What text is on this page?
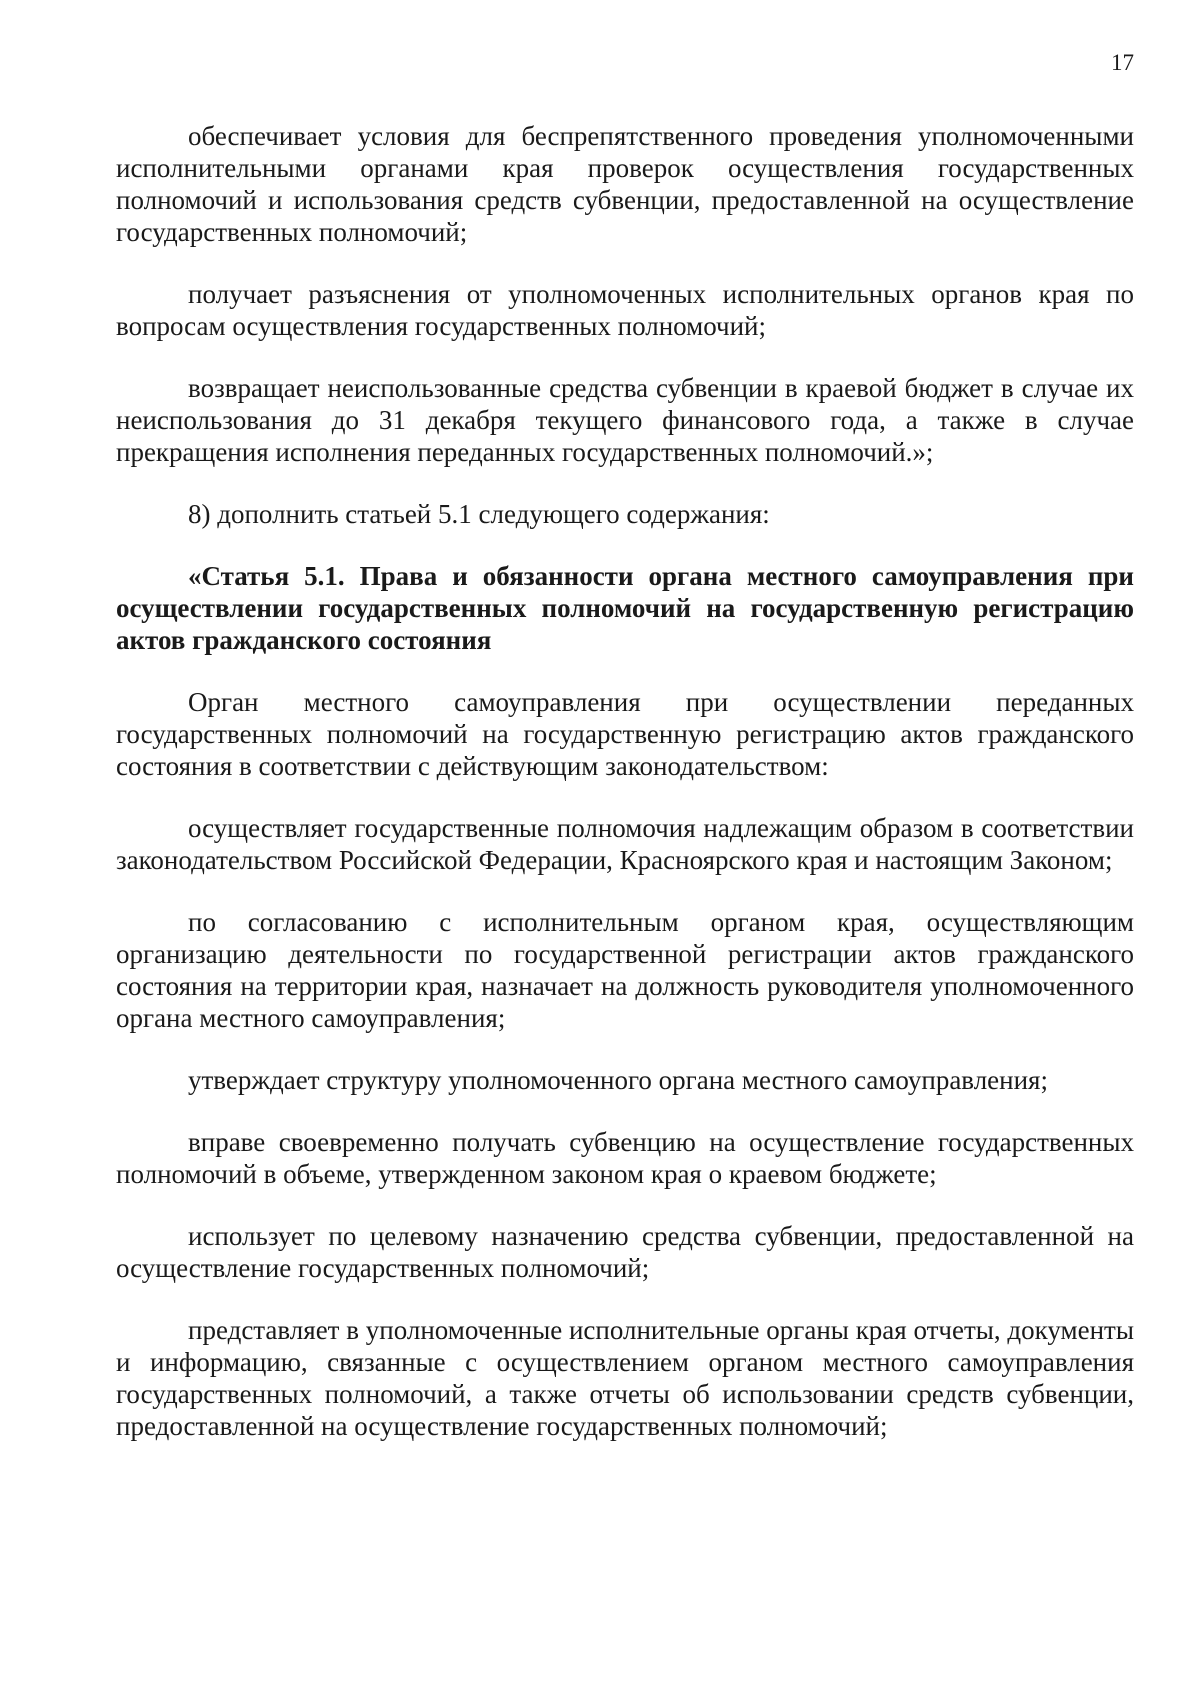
17

обеспечивает условия для беспрепятственного проведения уполномоченными исполнительными органами края проверок осуществления государственных полномочий и использования средств субвенции, предоставленной на осуществление государственных полномочий;

получает разъяснения от уполномоченных исполнительных органов края по вопросам осуществления государственных полномочий;

возвращает неиспользованные средства субвенции в краевой бюджет в случае их неиспользования до 31 декабря текущего финансового года, а также в случае прекращения исполнения переданных государственных полномочий.»;

8) дополнить статьей 5.1 следующего содержания:

«Статья 5.1. Права и обязанности органа местного самоуправления при осуществлении государственных полномочий на государственную регистрацию актов гражданского состояния

Орган местного самоуправления при осуществлении переданных государственных полномочий на государственную регистрацию актов гражданского состояния в соответствии с действующим законодательством:

осуществляет государственные полномочия надлежащим образом в соответствии законодательством Российской Федерации, Красноярского края и настоящим Законом;

по согласованию с исполнительным органом края, осуществляющим организацию деятельности по государственной регистрации актов гражданского состояния на территории края, назначает на должность руководителя уполномоченного органа местного самоуправления;

утверждает структуру уполномоченного органа местного самоуправления;

вправе своевременно получать субвенцию на осуществление государственных полномочий в объеме, утвержденном законом края о краевом бюджете;

использует по целевому назначению средства субвенции, предоставленной на осуществление государственных полномочий;

представляет в уполномоченные исполнительные органы края отчеты, документы и информацию, связанные с осуществлением органом местного самоуправления государственных полномочий, а также отчеты об использовании средств субвенции, предоставленной на осуществление государственных полномочий;
